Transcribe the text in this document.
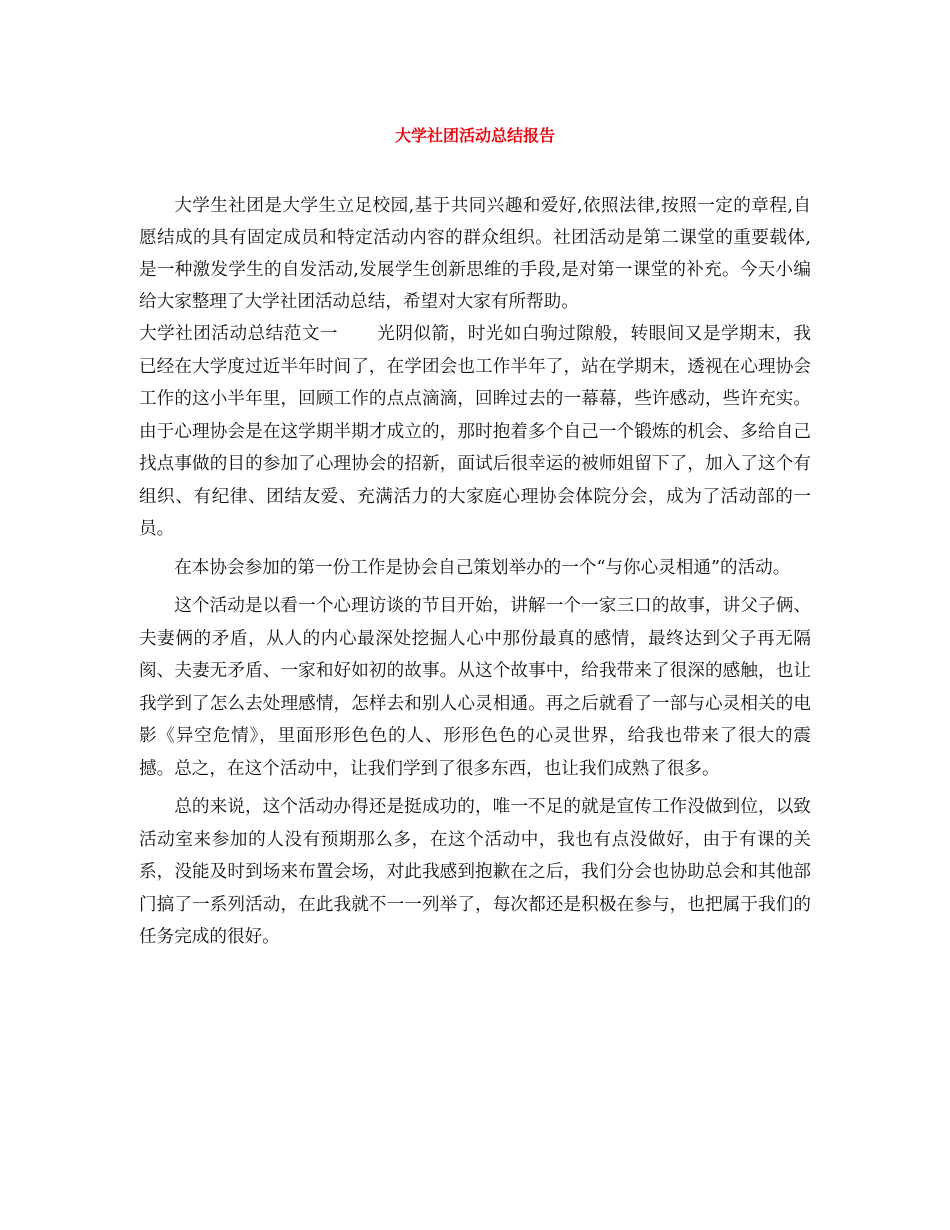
大学社团活动总结报告

大学生社团是大学生立足校园,基于共同兴趣和爱好,依照法律,按照一定的章程,自愿结成的具有固定成员和特定活动内容的群众组织。社团活动是第二课堂的重要载体,是一种激发学生的自发活动,发展学生创新思维的手段,是对第一课堂的补充。今天小编给大家整理了大学社团活动总结，希望对大家有所帮助。

大学社团活动总结范文一 光阴似箭，时光如白驹过隙般，转眼间又是学期末，我已经在大学度过近半年时间了，在学团会也工作半年了，站在学期末，透视在心理协会工作的这小半年里，回顾工作的点点滴滴，回眸过去的一幕幕，些许感动，些许充实。由于心理协会是在这学期半期才成立的，那时抱着多个自己一个锻炼的机会、多给自己找点事做的目的参加了心理协会的招新，面试后很幸运的被师姐留下了，加入了这个有组织、有纪律、团结友爱、充满活力的大家庭心理协会体院分会，成为了活动部的一员。

在本协会参加的第一份工作是协会自己策划举办的一个“与你心灵相通”的活动。

这个活动是以看一个心理访谈的节目开始，讲解一个一家三口的故事，讲父子俩、夫妻俩的矛盾，从人的内心最深处挖掘人心中那份最真的感情，最终达到父子再无隔阂、夫妻无矛盾、一家和好如初的故事。从这个故事中，给我带来了很深的感触，也让我学到了怎么去处理感情，怎样去和别人心灵相通。再之后就看了一部与心灵相关的电影《异空危情》，里面形形色色的人、形形色色的心灵世界，给我也带来了很大的震撼。总之，在这个活动中，让我们学到了很多东西，也让我们成熟了很多。

总的来说，这个活动办得还是挺成功的，唯一不足的就是宣传工作没做到位，以致活动室来参加的人没有预期那么多，在这个活动中，我也有点没做好，由于有课的关系，没能及时到场来布置会场，对此我感到抱歉在之后，我们分会也协助总会和其他部门搞了一系列活动，在此我就不一一列举了，每次都还是积极在参与，也把属于我们的任务完成的很好。
